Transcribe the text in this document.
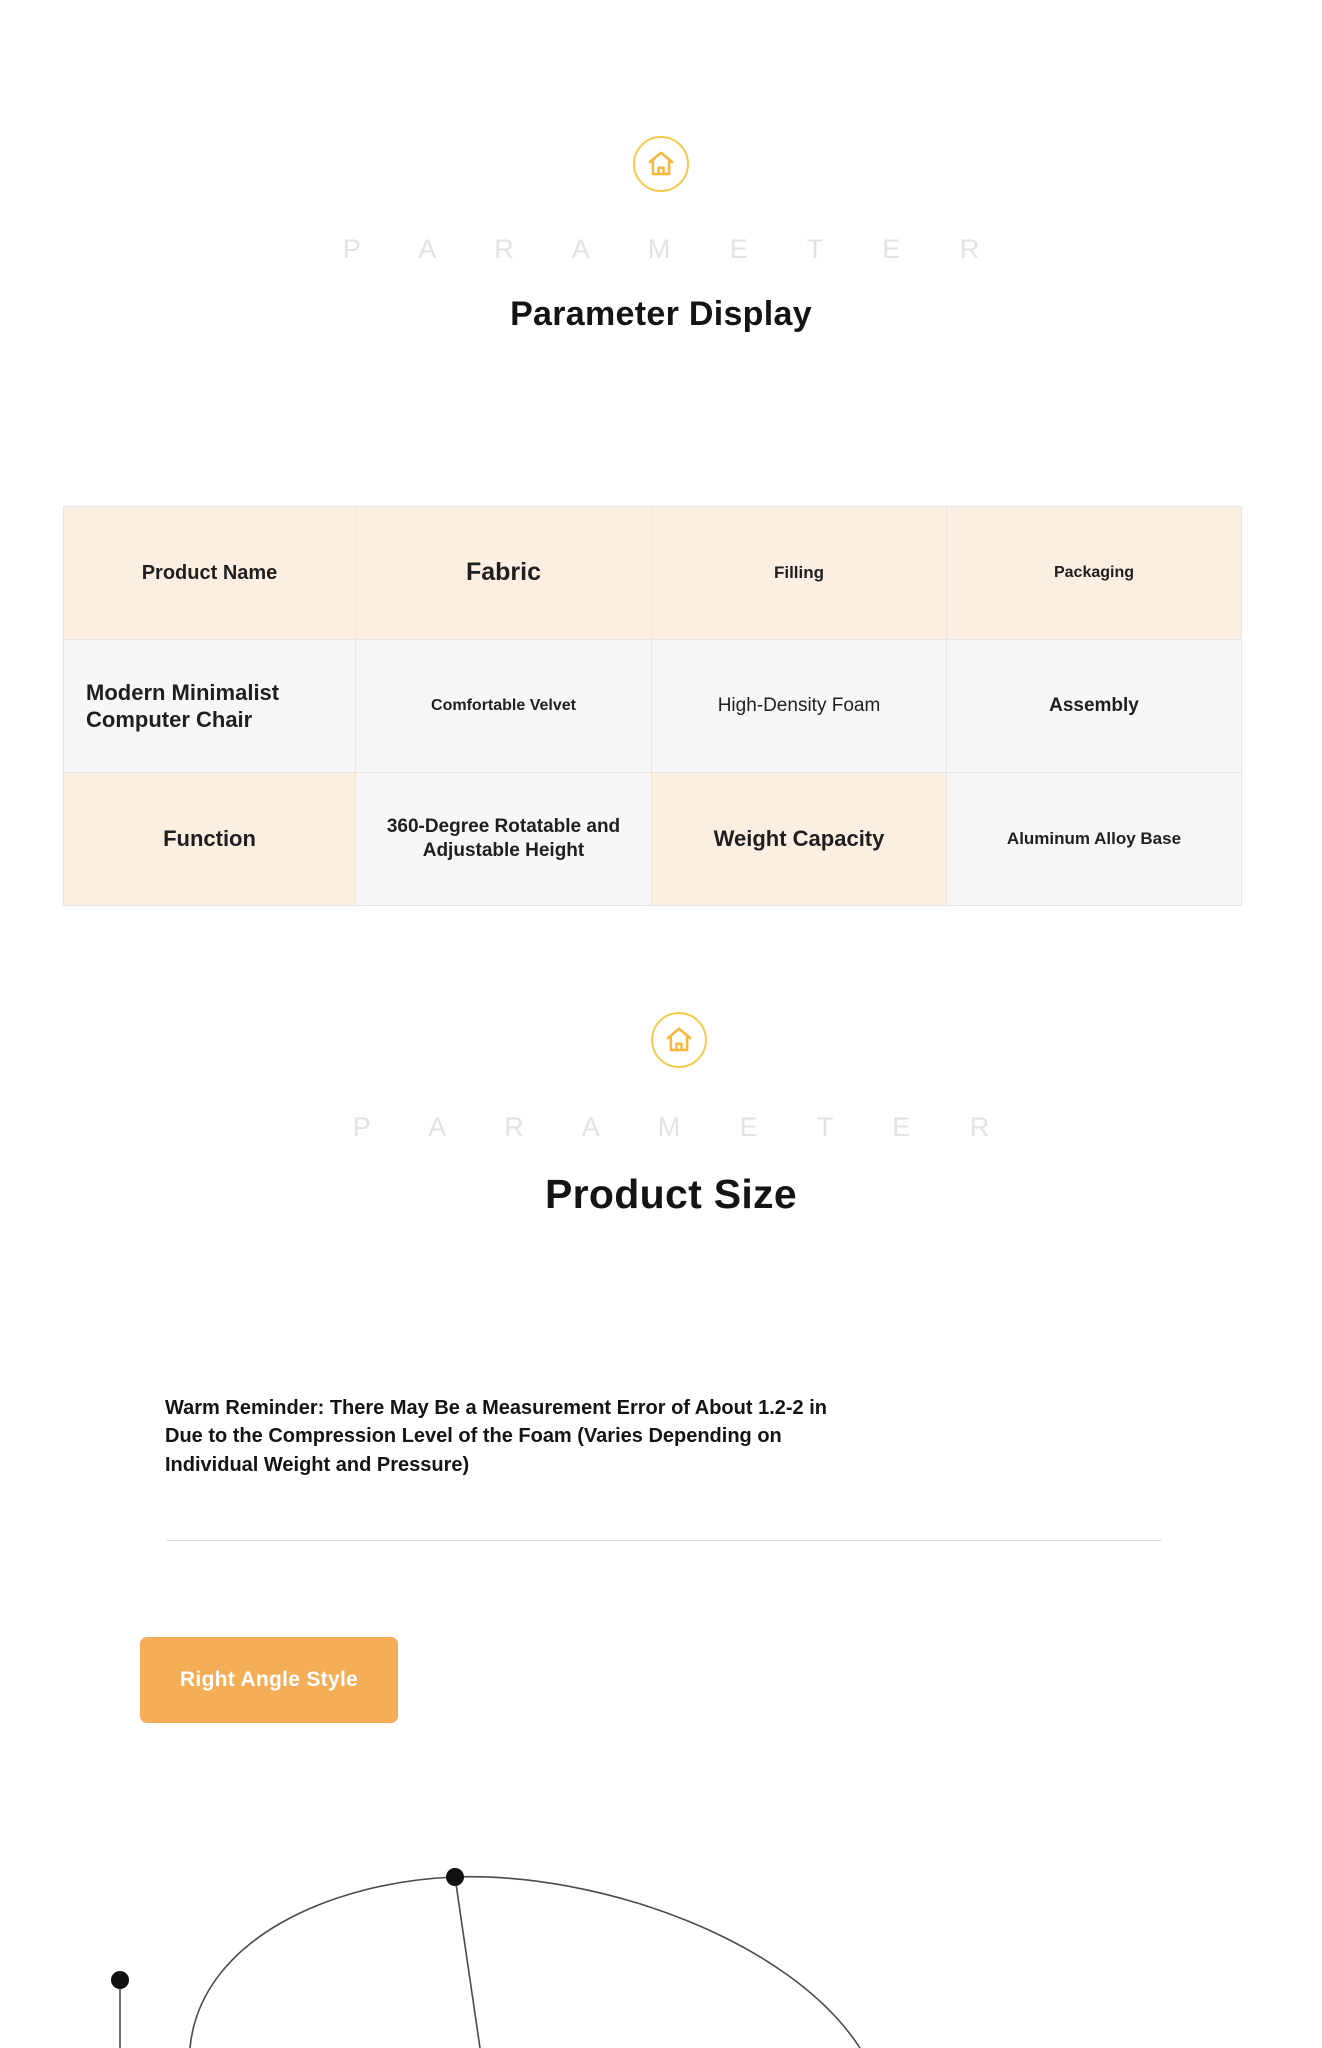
P A R A M E T E R
Parameter Display
Product Name	Fabric	Filling	Packaging
Modern Minimalist Computer Chair	Comfortable Velvet	High-Density Foam	Assembly
Function	360-Degree Rotatable and Adjustable Height	Weight Capacity	Aluminum Alloy Base
P A R A M E T E R
Product Size
Warm Reminder: There May Be a Measurement Error of About 1.2-2 in Due to the Compression Level of the Foam (Varies Depending on Individual Weight and Pressure)
Right Angle Style
